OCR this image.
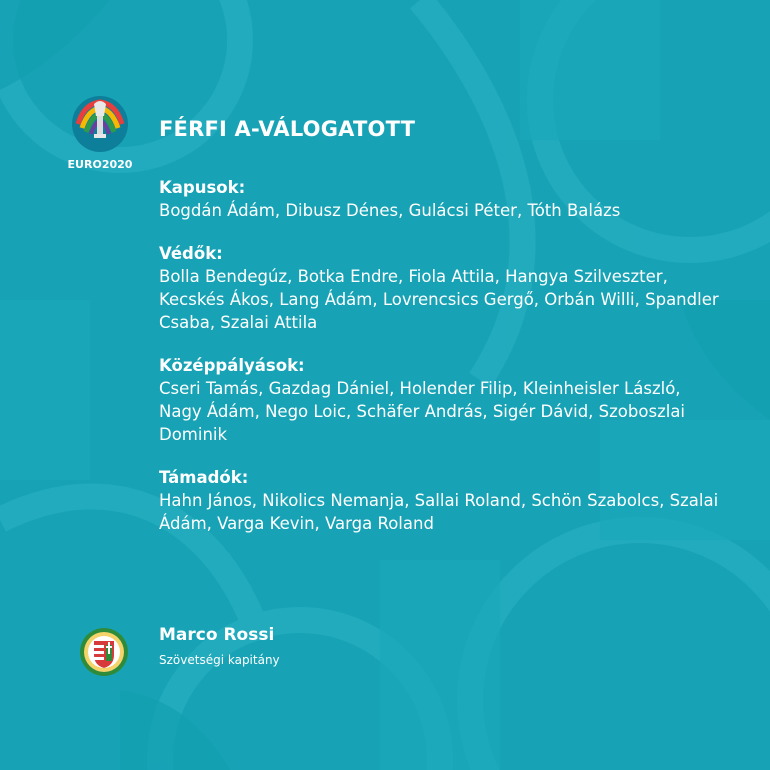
EURO2020
FÉRFI A-VÁLOGATOTT
Kapusok:
Bogdán Ádám, Dibusz Dénes, Gulácsi Péter, Tóth Balázs
Védők:
Bolla Bendegúz, Botka Endre, Fiola Attila, Hangya Szilveszter, Kecskés Ákos, Lang Ádám, Lovrencsics Gergő, Orbán Willi, Spandler Csaba, Szalai Attila
Középpályások:
Cseri Tamás, Gazdag Dániel, Holender Filip, Kleinheisler László, Nagy Ádám, Nego Loic, Schäfer András, Sigér Dávid, Szoboszlai Dominik
Támadók:
Hahn János, Nikolics Nemanja, Sallai Roland, Schön Szabolcs, Szalai Ádám, Varga Kevin, Varga Roland
Marco Rossi
Szövetségi kapitány
